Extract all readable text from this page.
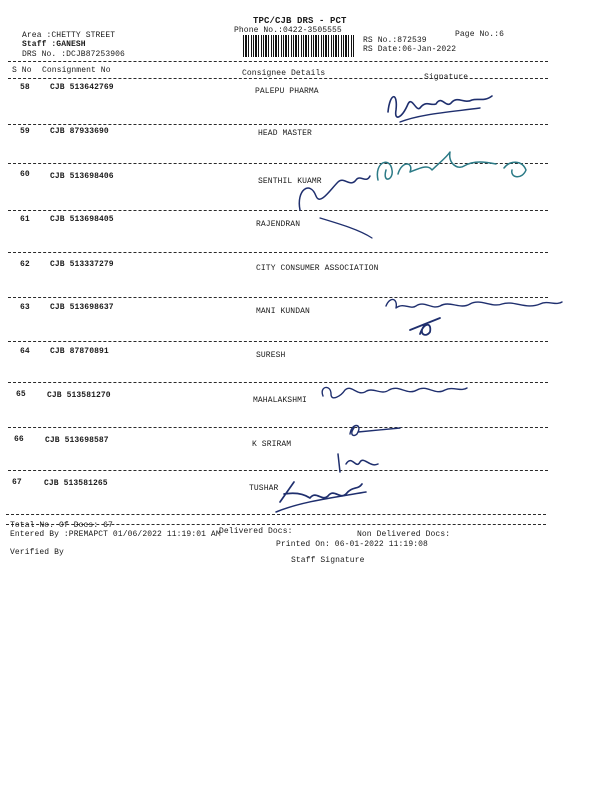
TPC/CJB DRS - PCT
Phone No.:0422-3505555
Area :CHETTY STREET
Staff :GANESH
DRS No. :DCJB87253906
RS No.:872539
RS Date:06-Jan-2022
Page No.:6
S No Consignment No	Consignee Details	Signature
58	CJB 513642769	PALEPU PHARMA
59	CJB 87933690	HEAD MASTER
60	CJB 513698406
SENTHIL KUAMR
61	CJB 513698405
RAJENDRAN
62	CJB 513337279	CITY CONSUMER ASSOCIATION
63	CJB 513698637	MANI KUNDAN
64	CJB 87870891	SURESH
65	CJB 513581270
MAHALAKSHMI
66	CJB 513698587	K SRIRAM
67	CJB 513581265
TUSHAR
Total No. Of Docs: 67
Delivered Docs:	Non Delivered Docs:
Entered By :PREMAPCT 01/06/2022 11:19:01 AM
Printed On: 06-01-2022 11:19:08
Verified By
Staff Signature
